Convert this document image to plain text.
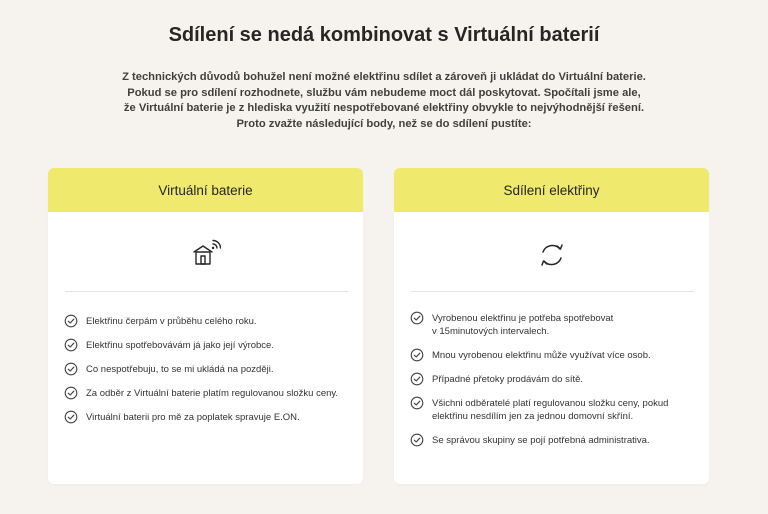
Sdílení se nedá kombinovat s Virtuální baterií
Z technických důvodů bohužel není možné elektřinu sdílet a zároveň ji ukládat do Virtuální baterie.
Pokud se pro sdílení rozhodnete, službu vám nebudeme moct dál poskytovat. Spočítali jsme ale,
že Virtuální baterie je z hlediska využití nespotřebované elektřiny obvykle to nejvýhodnější řešení.
Proto zvažte následující body, než se do sdílení pustíte:
Virtuální baterie
Elektřinu čerpám v průběhu celého roku.
Elektřinu spotřebovávám já jako její výrobce.
Co nespotřebuju, to se mi ukládá na později.
Za odběr z Virtuální baterie platím regulovanou složku ceny.
Virtuální baterii pro mě za poplatek spravuje E.ON.
Sdílení elektřiny
Vyrobenou elektřinu je potřeba spotřebovat
v 15minutových intervalech.
Mnou vyrobenou elektřinu může využívat více osob.
Případné přetoky prodávám do sítě.
Všichni odběratelé platí regulovanou složku ceny, pokud
elektřinu nesdílím jen za jednou domovní skříní.
Se správou skupiny se pojí potřebná administrativa.
